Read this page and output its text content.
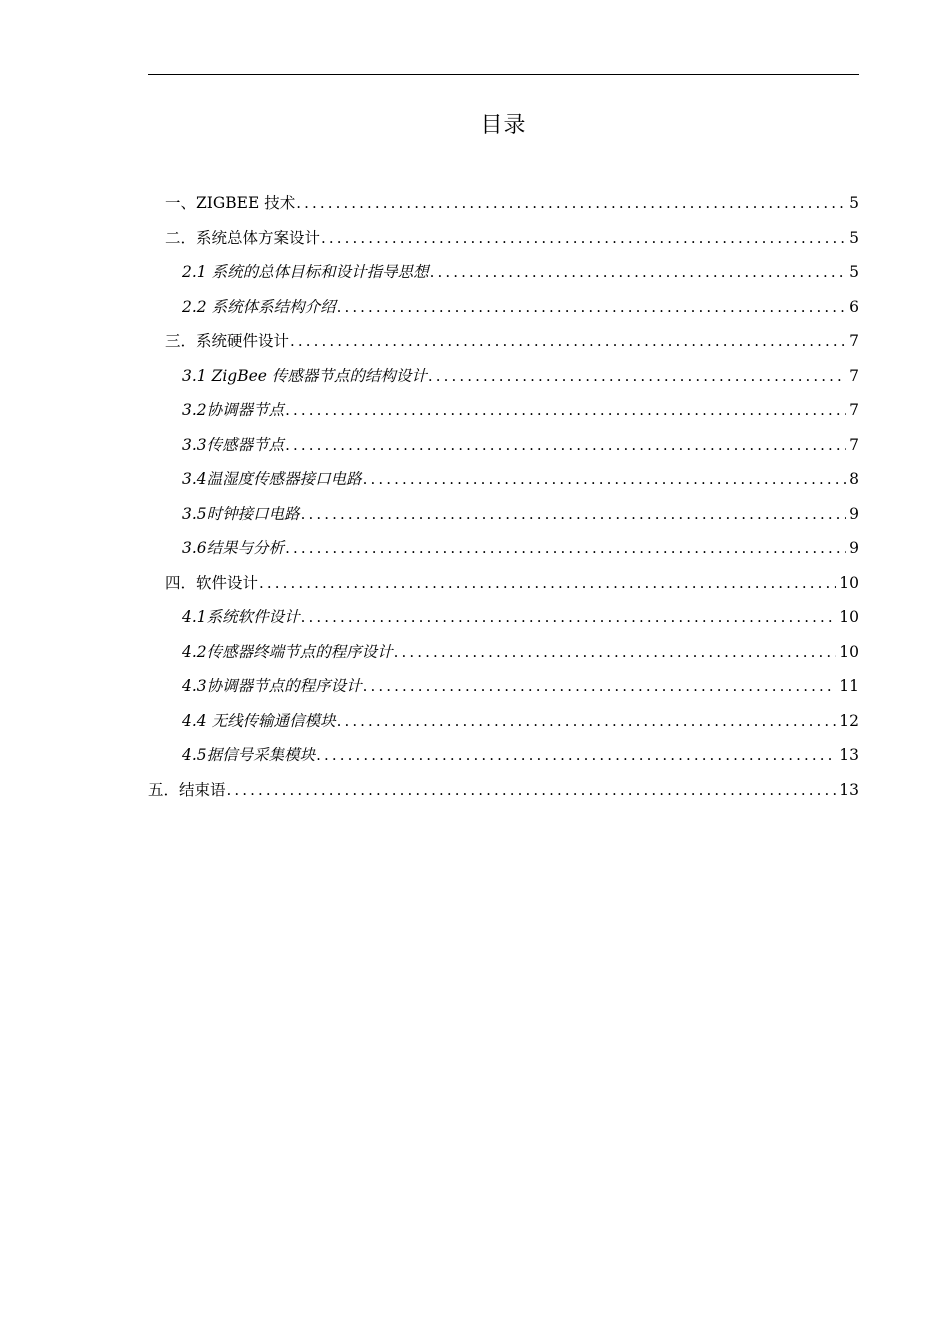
目录
一、ZIGBEE 技术 .....	5
二．系统总体方案设计 .....	5
2.1 系统的总体目标和设计指导思想 .....	5
2.2 系统体系结构介绍 .....	6
三．系统硬件设计 .....	7
3.1 ZigBee 传感器节点的结构设计 .....	7
3.2协调器节点 .....	7
3.3传感器节点 .....	7
3.4温湿度传感器接口电路 .....	8
3.5时钟接口电路 .....	9
3.6结果与分析 .....	9
四．软件设计 .....	10
4.1系统软件设计 .....	10
4.2传感器终端节点的程序设计 .....	10
4.3协调器节点的程序设计 .....	11
4.4 无线传输通信模块 .....	12
4.5据信号采集模块 .....	13
五．结束语 .....	13
